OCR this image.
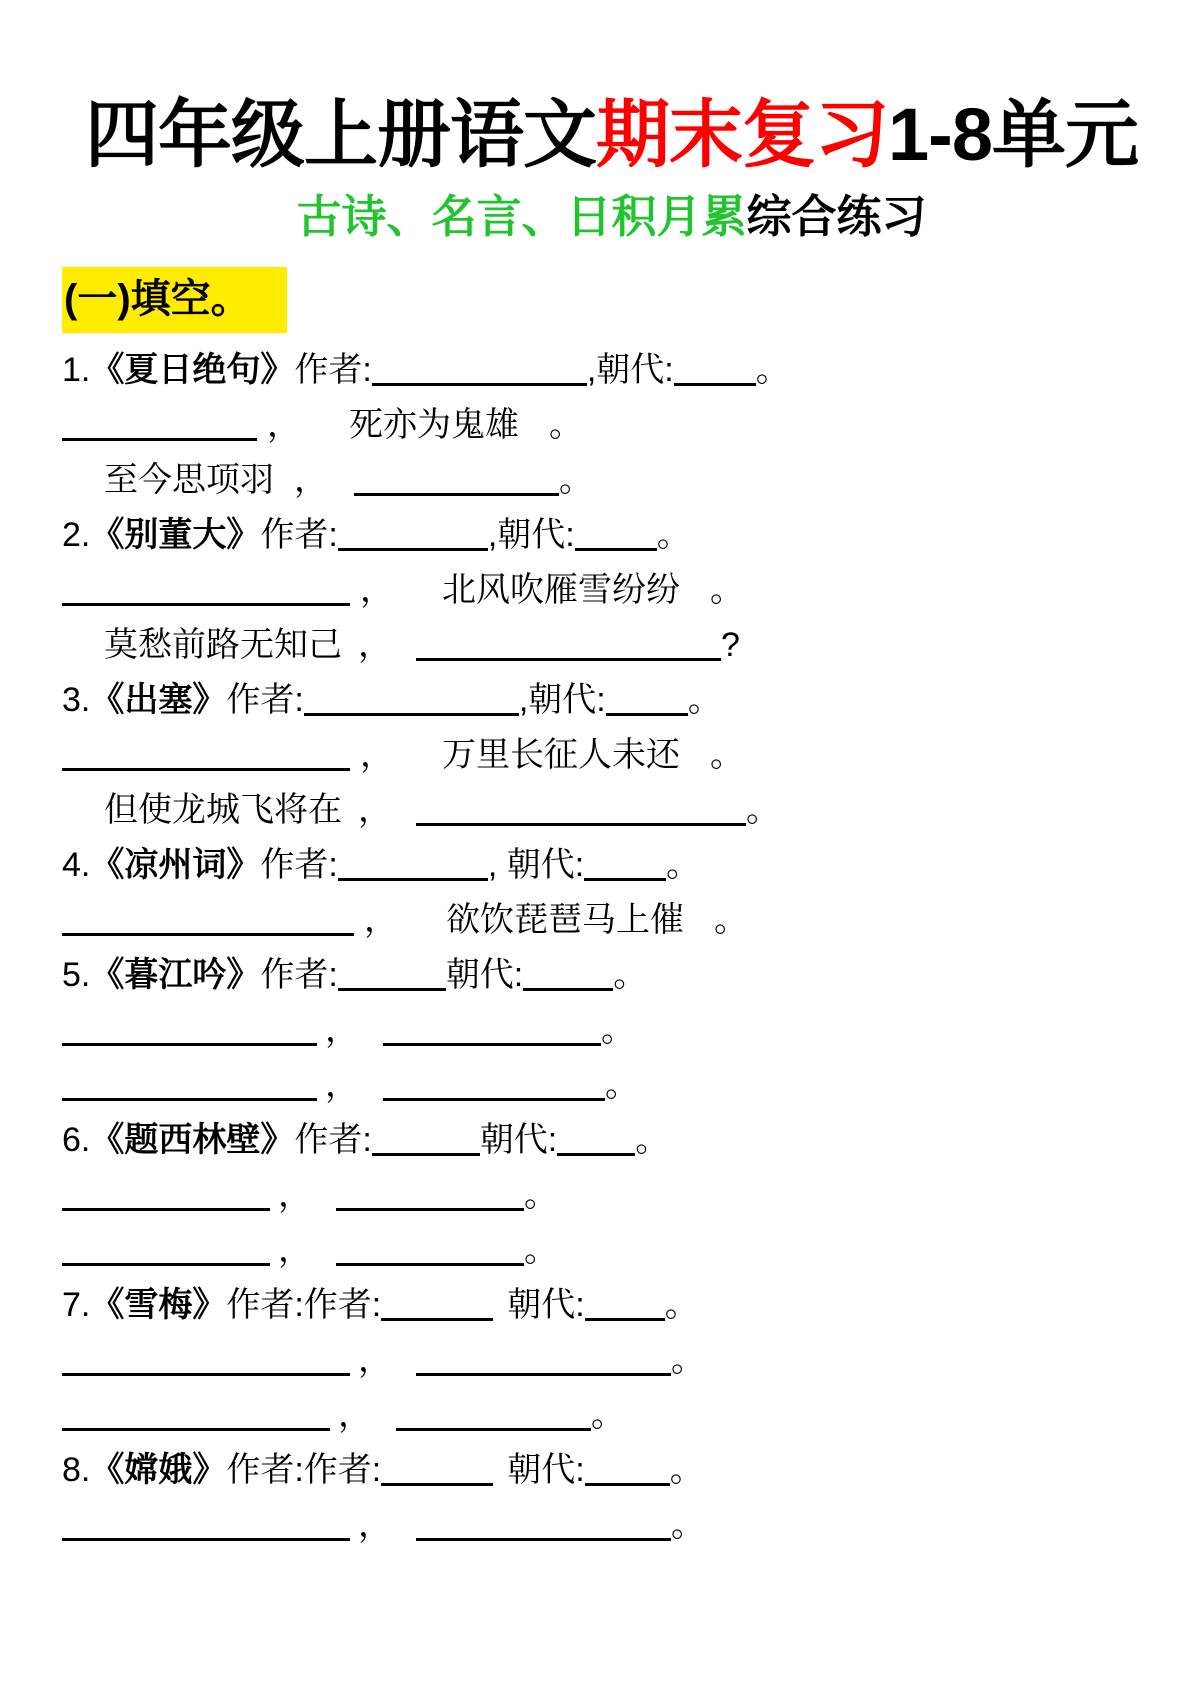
四年级上册语文期末复习1-8单元
古诗、名言、日积月累综合练习
(一)填空。
1.《夏日绝句》作者:	,朝代: 。
， 死亦为鬼雄 。
至今思项羽 ，	。
2.《别董大》作者:	,朝代: 。
， 北风吹雁雪纷纷 。
莫愁前路无知己 ，	?
3.《出塞》作者:	,朝代: 。
， 万里长征人未还 。
但使龙城飞将在 ，	。
4.《凉州词》作者:	, 朝代: 。
， 欲饮琵琶马上催 。
5.《暮江吟》作者:	朝代:	。
，	。
，	。
6.《题西林壁》作者:	朝代: 。
，	。
，	。
7.《雪梅》作者:作者:	朝代: 。
，	。
，	。
8.《嫦娥》作者:作者:	朝代:	。
，	。
